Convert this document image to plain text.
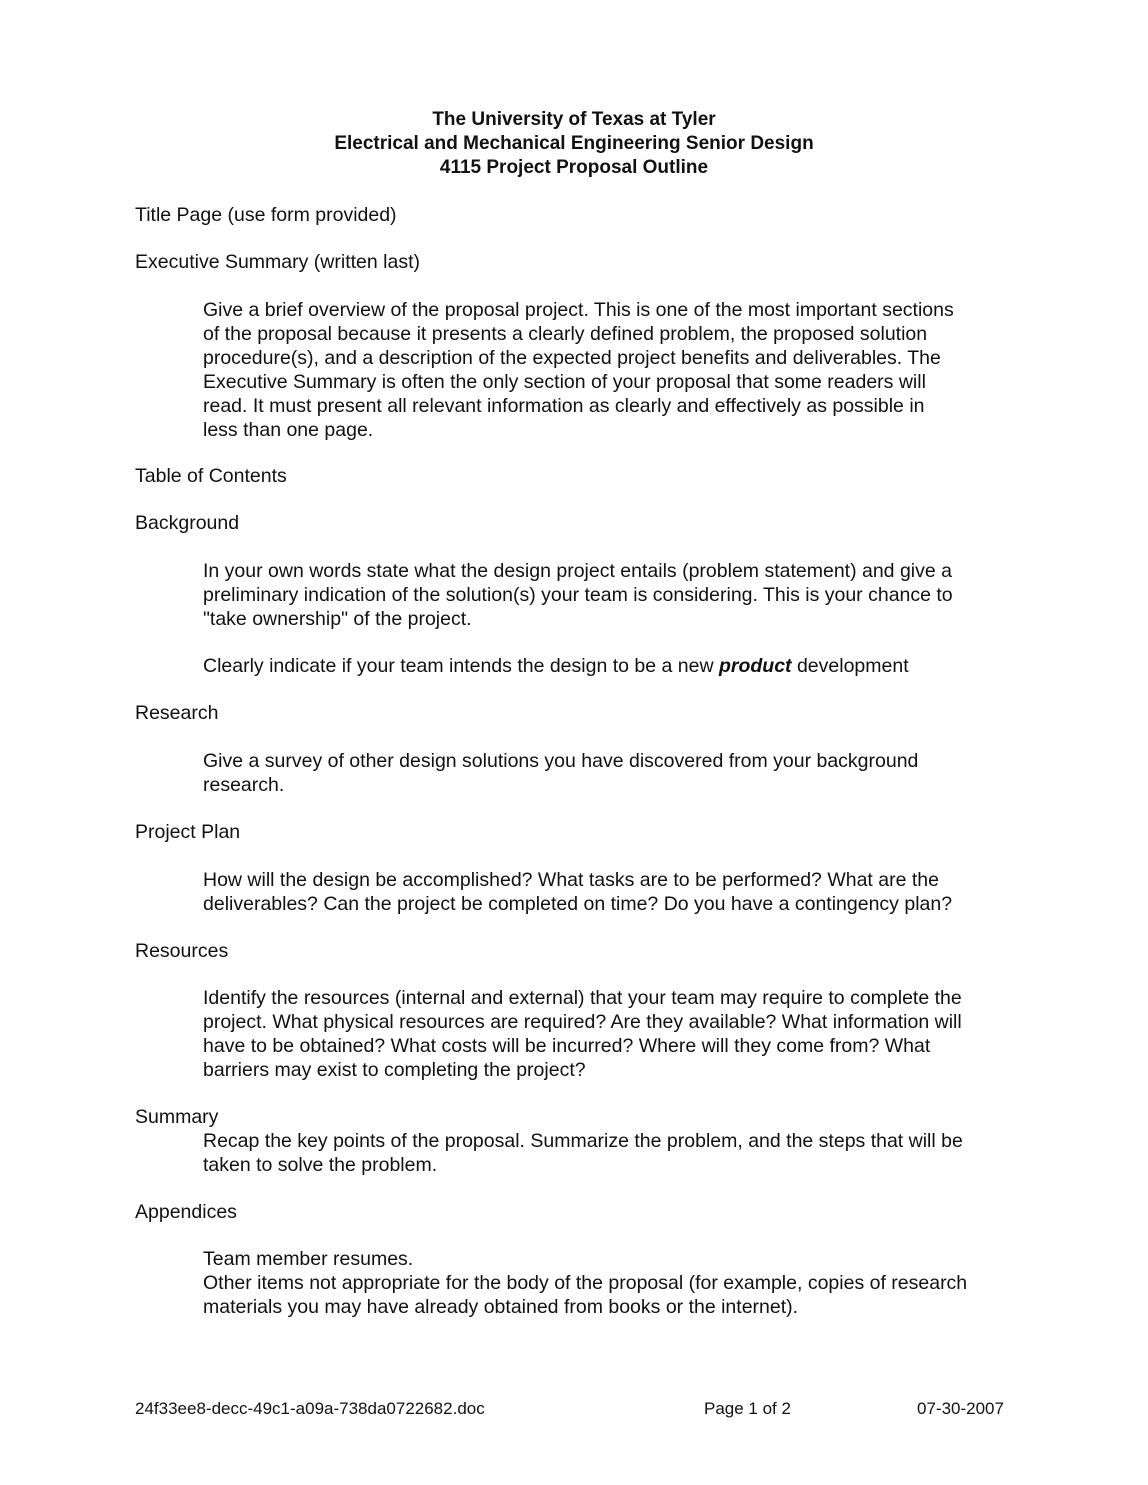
The University of Texas at Tyler
Electrical and Mechanical Engineering Senior Design
4115 Project Proposal Outline
Title Page (use form provided)
Executive Summary (written last)
Give a brief overview of the proposal project. This is one of the most important sections
of the proposal because it presents a clearly defined problem, the proposed solution
procedure(s), and a description of the expected project benefits and deliverables. The
Executive Summary is often the only section of your proposal that some readers will
read. It must present all relevant information as clearly and effectively as possible in
less than one page.
Table of Contents
Background
In your own words state what the design project entails (problem statement) and give a
preliminary indication of the solution(s) your team is considering. This is your chance to
"take ownership" of the project.
Clearly indicate if your team intends the design to be a new product development
Research
Give a survey of other design solutions you have discovered from your background
research.
Project Plan
How will the design be accomplished? What tasks are to be performed? What are the
deliverables? Can the project be completed on time? Do you have a contingency plan?
Resources
Identify the resources (internal and external) that your team may require to complete the
project. What physical resources are required? Are they available? What information will
have to be obtained? What costs will be incurred? Where will they come from? What
barriers may exist to completing the project?
Summary
Recap the key points of the proposal. Summarize the problem, and the steps that will be
taken to solve the problem.
Appendices
Team member resumes.
Other items not appropriate for the body of the proposal (for example, copies of research
materials you may have already obtained from books or the internet).
24f33ee8-decc-49c1-a09a-738da0722682.doc	Page 1 of 2	07-30-2007
